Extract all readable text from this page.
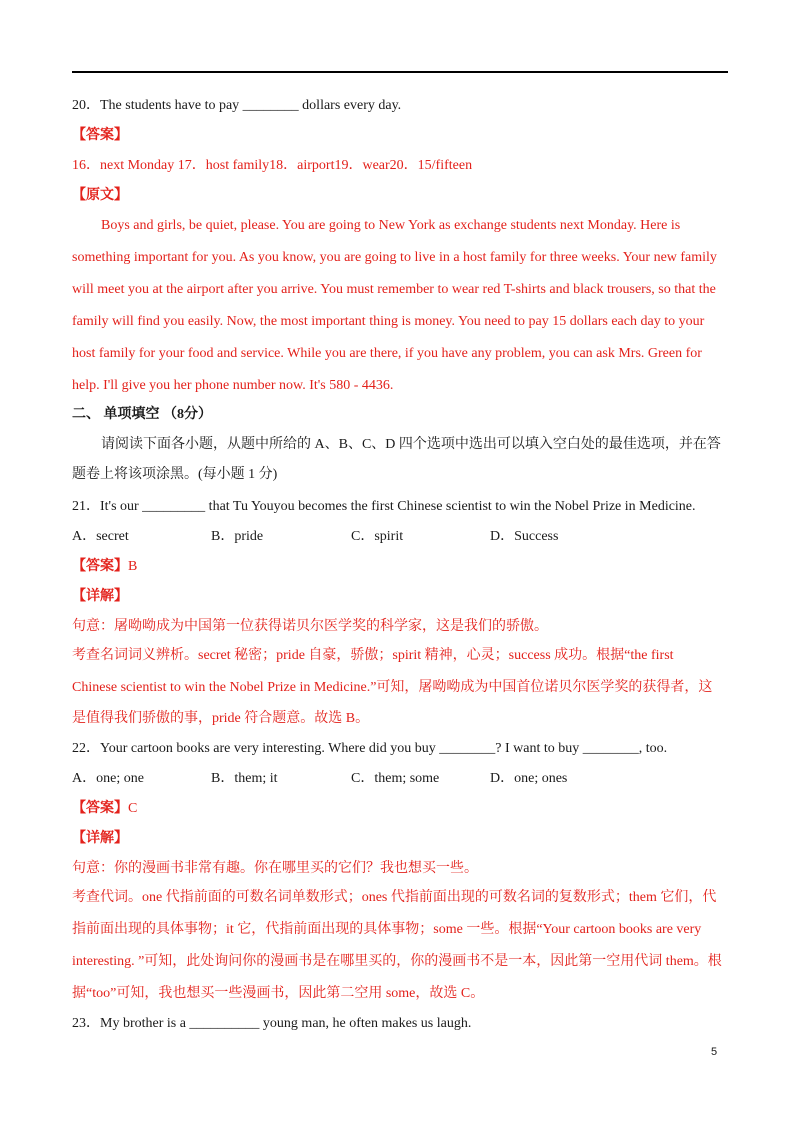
20．The students have to pay ________ dollars every day.
【答案】
16．next Monday 17．host family18．airport19．wear20．15/fifteen
【原文】
Boys and girls, be quiet, please. You are going to New York as exchange students next Monday. Here is
something important for you. As you know, you are going to live in a host family for three weeks. Your new family
will meet you at the airport after you arrive. You must remember to wear red T-shirts and black trousers, so that the
family will find you easily. Now, the most important thing is money. You need to pay 15 dollars each day to your
host family for your food and service. While you are there, if you have any problem, you can ask Mrs. Green for
help. I'll give you her phone number now. It's 580 - 4436.
二、 单项填空 （8分）
请阅读下面各小题，从题中所给的 A、B、C、D 四个选项中选出可以填入空白处的最佳选项，并在答
题卷上将该项涂黑。(每小题 1 分)
21．It's our _________ that Tu Youyou becomes the first Chinese scientist to win the Nobel Prize in Medicine.
A．secret	B．pride	C．spirit	D．Success
【答案】B
【详解】
句意：屠呦呦成为中国第一位获得诺贝尔医学奖的科学家，这是我们的骄傲。
考查名词词义辨析。secret 秘密；pride 自豪，骄傲；spirit 精神，心灵；success 成功。根据“the first
Chinese scientist to win the Nobel Prize in Medicine.”可知，屠呦呦成为中国首位诺贝尔医学奖的获得者，这
是值得我们骄傲的事，pride 符合题意。故选 B。
22．Your cartoon books are very interesting. Where did you buy ________? I want to buy ________, too.
A．one; one	B．them; it	C．them; some	D．one; ones
【答案】C
【详解】
句意：你的漫画书非常有趣。你在哪里买的它们？我也想买一些。
考查代词。one 代指前面的可数名词单数形式；ones 代指前面出现的可数名词的复数形式；them 它们，代
指前面出现的具体事物；it 它，代指前面出现的具体事物；some 一些。根据“Your cartoon books are very
interesting. ”可知，此处询问你的漫画书是在哪里买的，你的漫画书不是一本，因此第一空用代词 them。根
据“too”可知，我也想买一些漫画书，因此第二空用 some，故选 C。
23．My brother is a __________ young man, he often makes us laugh.
5
